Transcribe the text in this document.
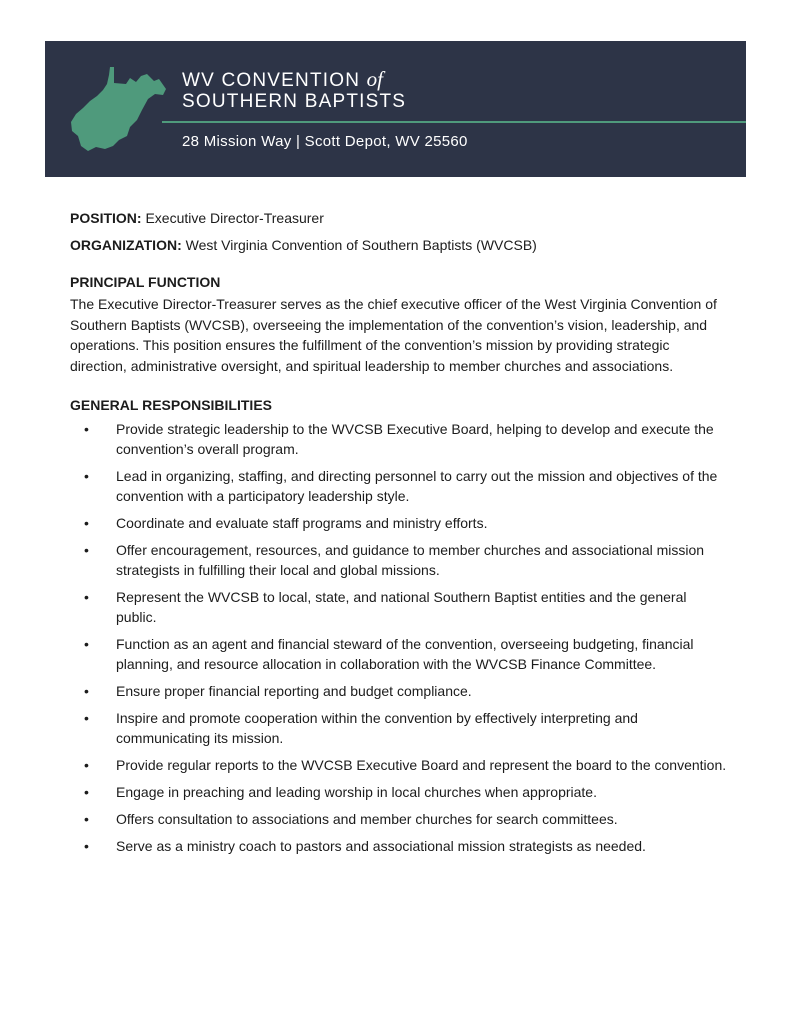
WV CONVENTION of
SOUTHERN BAPTISTS
28 Mission Way | Scott Depot, WV 25560

POSITION: Executive Director-Treasurer

ORGANIZATION: West Virginia Convention of Southern Baptists (WVCSB)

PRINCIPAL FUNCTION

The Executive Director-Treasurer serves as the chief executive officer of the West Virginia Convention of Southern Baptists (WVCSB), overseeing the implementation of the convention’s vision, leadership, and operations. This position ensures the fulfillment of the convention’s mission by providing strategic direction, administrative oversight, and spiritual leadership to member churches and associations.

GENERAL RESPONSIBILITIES
• Provide strategic leadership to the WVCSB Executive Board, helping to develop and execute the convention’s overall program.
• Lead in organizing, staffing, and directing personnel to carry out the mission and objectives of the convention with a participatory leadership style.
• Coordinate and evaluate staff programs and ministry efforts.
• Offer encouragement, resources, and guidance to member churches and associational mission strategists in fulfilling their local and global missions.
• Represent the WVCSB to local, state, and national Southern Baptist entities and the general public.
• Function as an agent and financial steward of the convention, overseeing budgeting, financial planning, and resource allocation in collaboration with the WVCSB Finance Committee.
• Ensure proper financial reporting and budget compliance.
• Inspire and promote cooperation within the convention by effectively interpreting and communicating its mission.
• Provide regular reports to the WVCSB Executive Board and represent the board to the convention.
• Engage in preaching and leading worship in local churches when appropriate.
• Offers consultation to associations and member churches for search committees.
• Serve as a ministry coach to pastors and associational mission strategists as needed.
